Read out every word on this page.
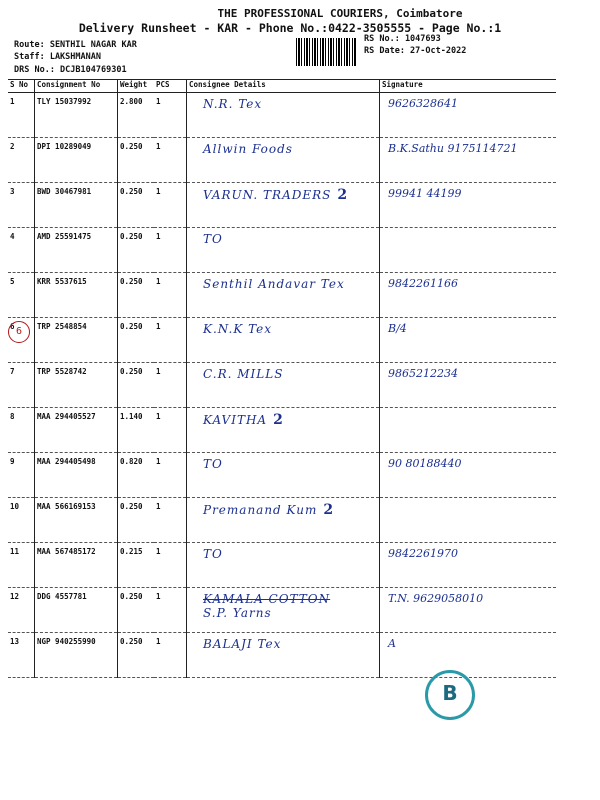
THE PROFESSIONAL COURIERS, Coimbatore
Delivery Runsheet - KAR - Phone No.:0422-3505555 - Page No.:1
Route: SENTHIL NAGAR KAR
Staff: LAKSHMANAN
DRS No.: DCJB104769301
RS No.: 1047693
RS Date: 27-Oct-2022
S No	Consignment No	Weight	PCS	Consignee Details	Signature
1	TLY 15037992	2.800	1	N.R. Tex	9626328641

2	DPI 10289049	0.250	1	Allwin Foods	B.K.Sathu 9175114721

3	BWD 30467981	0.250	1	VARUN. TRADERS 2	99941 44199

4	AMD 25591475	0.250	1	TO	

5	KRR 5537615	0.250	1	Senthil Andavar Tex	9842261166

6	TRP 2548854	0.250	1	K.N.K Tex	B/4

7	TRP 5528742	0.250	1	C.R. MILLS	9865212234

8	MAA 294405527	1.140	1	KAVITHA 2	

9	MAA 294405498	0.820	1	TO	90 80188440

10	MAA 566169153	0.250	1	Premanand Kum 2	

11	MAA 567485172	0.215	1	TO	9842261970

12	DDG 4557781	0.250	1	KAMALA COTTON
S.P. Yarns	T.N. 9629058010

13	NGP 940255990	0.250	1	BALAJI Tex	A
6
B
